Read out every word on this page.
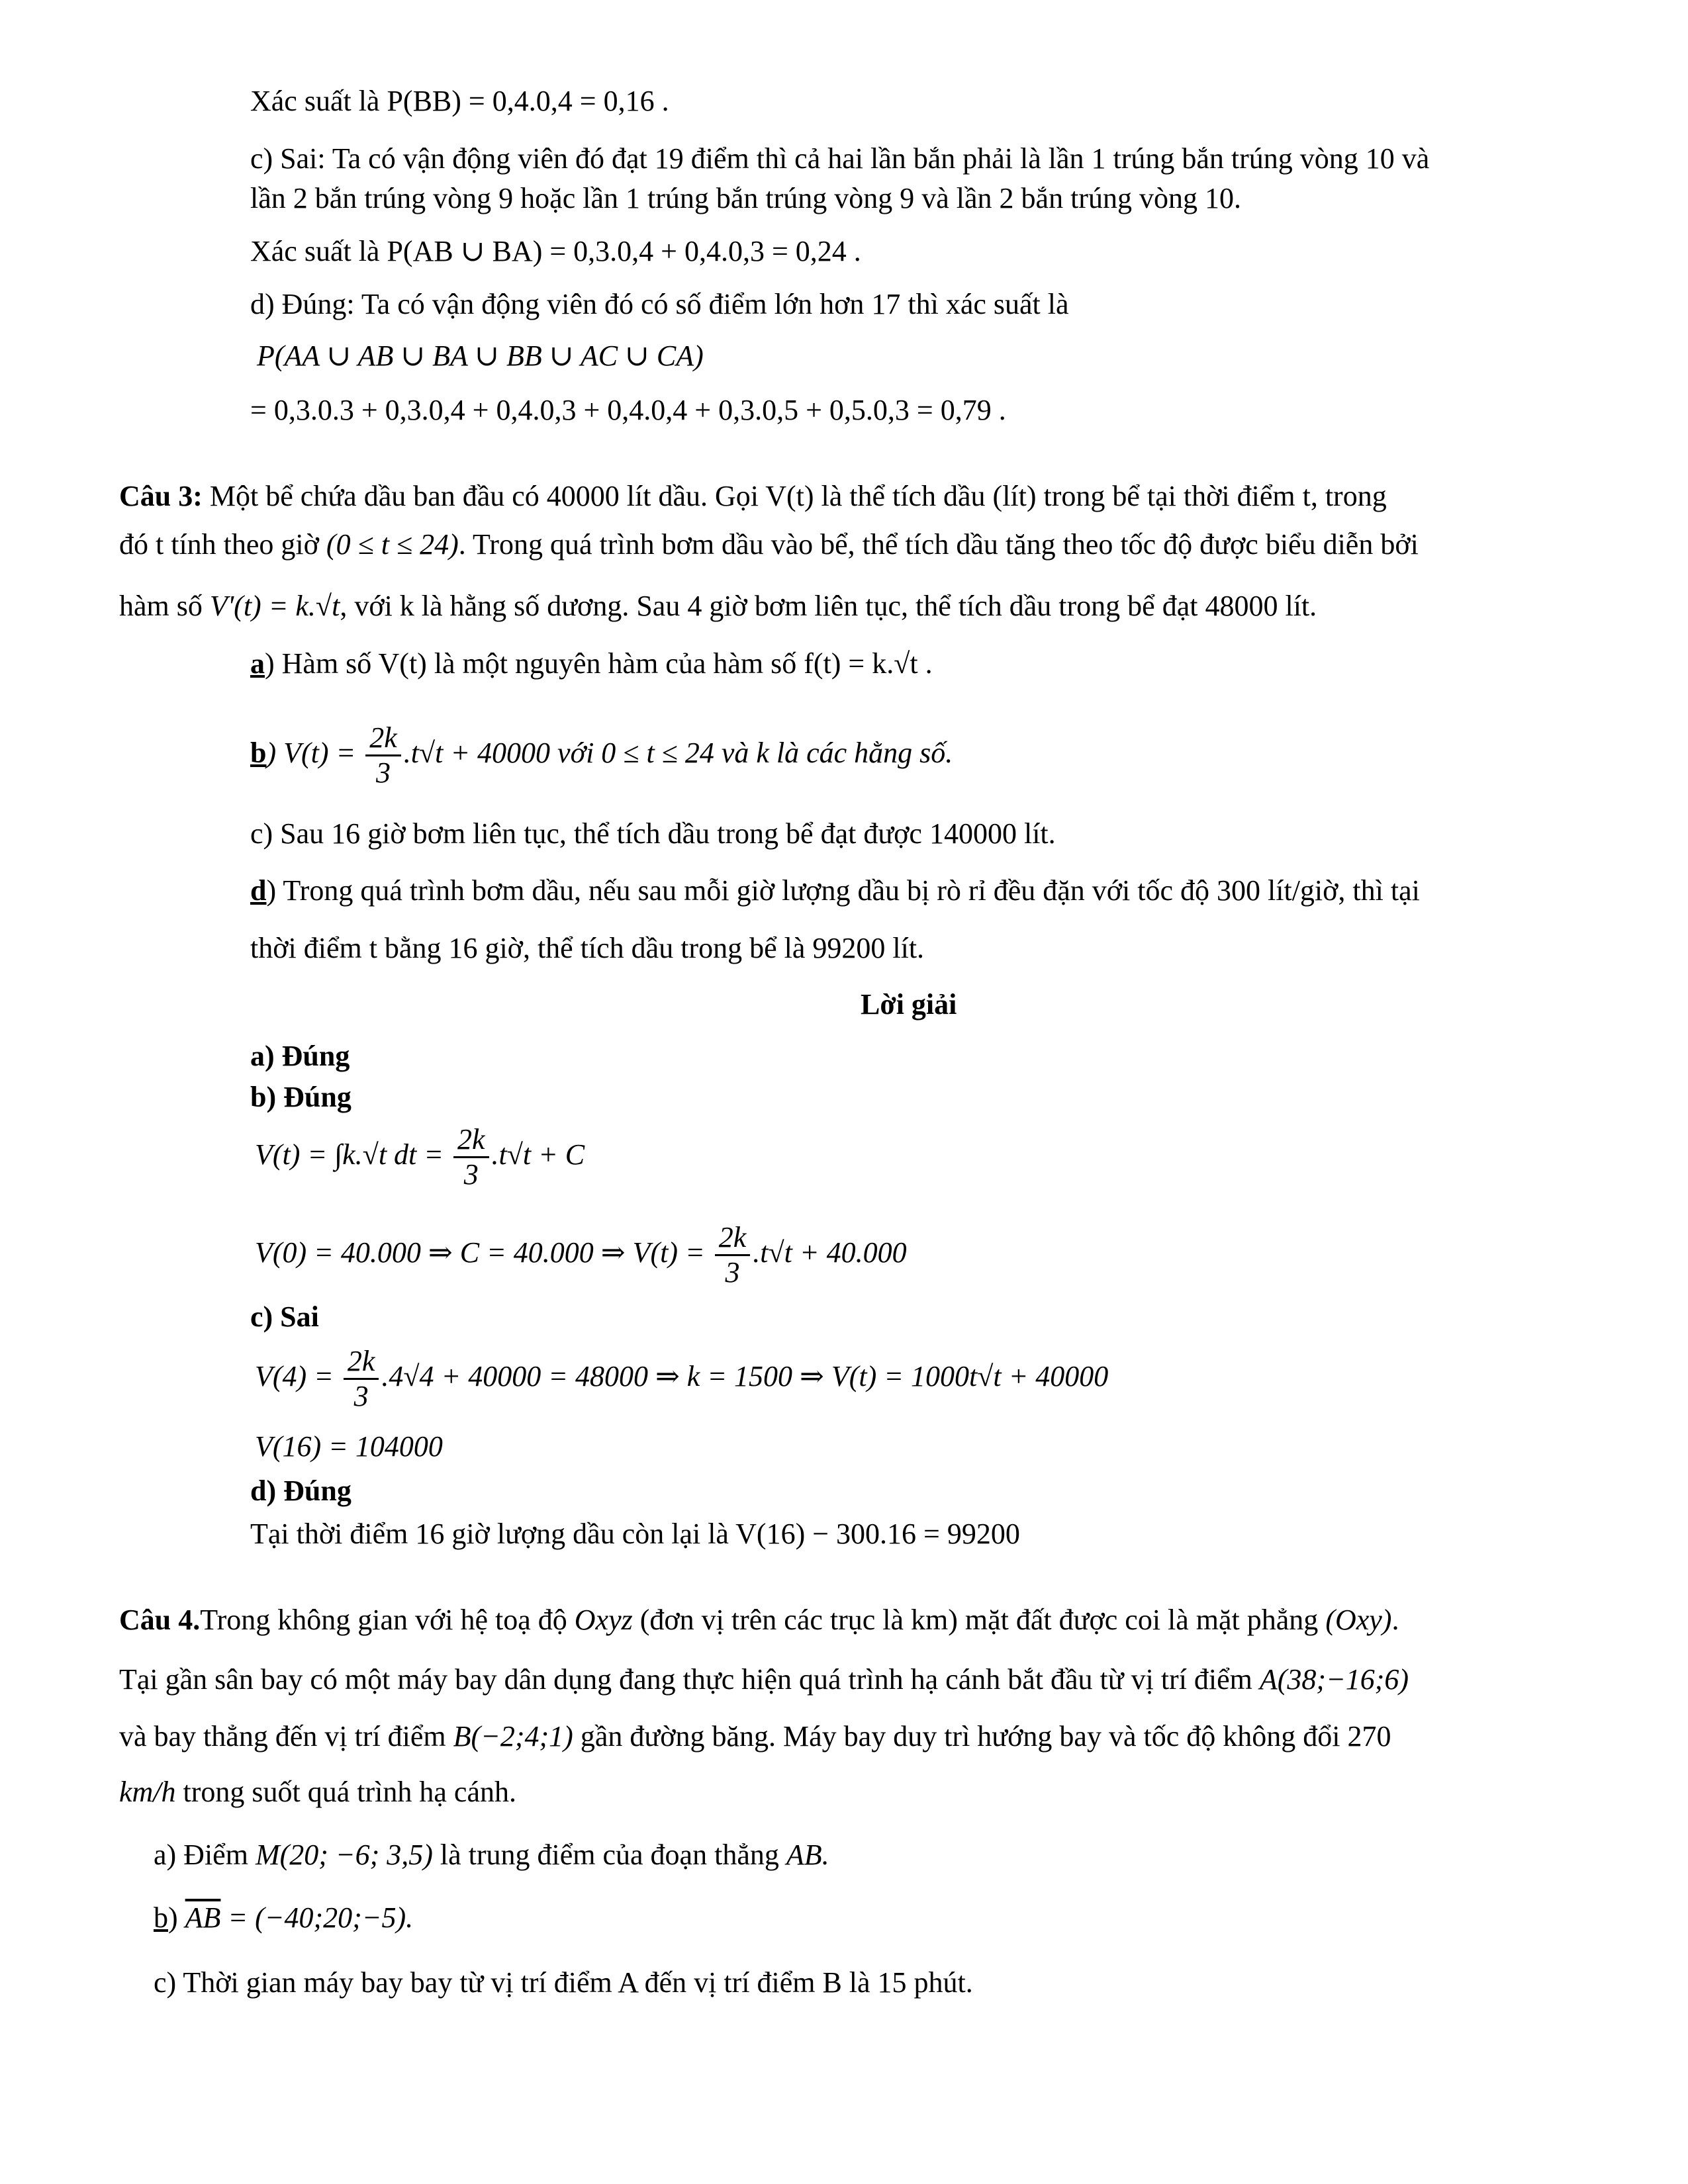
Xác suất là P(BB) = 0,4.0,4 = 0,16 .
c) Sai: Ta có vận động viên đó đạt 19 điểm thì cả hai lần bắn phải là lần 1 trúng bắn trúng vòng 10 và
lần 2 bắn trúng vòng 9 hoặc lần 1 trúng bắn trúng vòng 9 và lần 2 bắn trúng vòng 10.
Xác suất là P(AB ∪ BA) = 0,3.0,4 + 0,4.0,3 = 0,24 .
d) Đúng: Ta có vận động viên đó có số điểm lớn hơn 17 thì xác suất là
P(AA ∪ AB ∪ BA ∪ BB ∪ AC ∪ CA)
= 0,3.0.3 + 0,3.0,4 + 0,4.0,3 + 0,4.0,4 + 0,3.0,5 + 0,5.0,3 = 0,79 .
Câu 3: Một bể chứa dầu ban đầu có 40000 lít dầu. Gọi V(t) là thể tích dầu (lít) trong bể tại thời điểm t, trong
đó t tính theo giờ (0 ≤ t ≤ 24). Trong quá trình bơm dầu vào bể, thể tích dầu tăng theo tốc độ được biểu diễn bởi
hàm số V'(t) = k.√t, với k là hằng số dương. Sau 4 giờ bơm liên tục, thể tích dầu trong bể đạt 48000 lít.
a) Hàm số V(t) là một nguyên hàm của hàm số f(t) = k.√t .
b) $V(t) = \frac{2k}{3} .t√t + 40000$ với 0 ≤ t ≤ 24 và k là các hằng số.
c) Sau 16 giờ bơm liên tục, thể tích dầu trong bể đạt được 140000 lít.
d) Trong quá trình bơm dầu, nếu sau mỗi giờ lượng dầu bị rò rỉ đều đặn với tốc độ 300 lít/giờ, thì tại
thời điểm t bằng 16 giờ, thể tích dầu trong bể là 99200 lít.
Lời giải
a) Đúng
b) Đúng
V(t) = ∫k.√t dt = $\frac{2k}{3} .t√t + C$
V(0) = 40.000 ⇒ C = 40.000 ⇒ $V(t) = \frac{2k}{3} .t√t + 40.000$
c) Sai
$V(4) = \frac{2k}{3} .4√4 + 40000 = 48000$ ⇒ k = 1500 ⇒ V(t) = 1000t√t + 40000
V(16) = 104000
d) Đúng
Tại thời điểm 16 giờ lượng dầu còn lại là V(16) − 300.16 = 99200
Câu 4.Trong không gian với hệ toạ độ Oxyz (đơn vị trên các trục là km) mặt đất được coi là mặt phẳng (Oxy).
Tại gần sân bay có một máy bay dân dụng đang thực hiện quá trình hạ cánh bắt đầu từ vị trí điểm A(38;−16;6)
và bay thẳng đến vị trí điểm B(−2;4;1) gần đường băng. Máy bay duy trì hướng bay và tốc độ không đổi 270
km/h trong suốt quá trình hạ cánh.
a) Điểm M(20; −6; 3,5) là trung điểm của đoạn thẳng AB.
b) $\overline{AB}$ = (−40;20;−5).
c) Thời gian máy bay bay từ vị trí điểm A đến vị trí điểm B là 15 phút.
